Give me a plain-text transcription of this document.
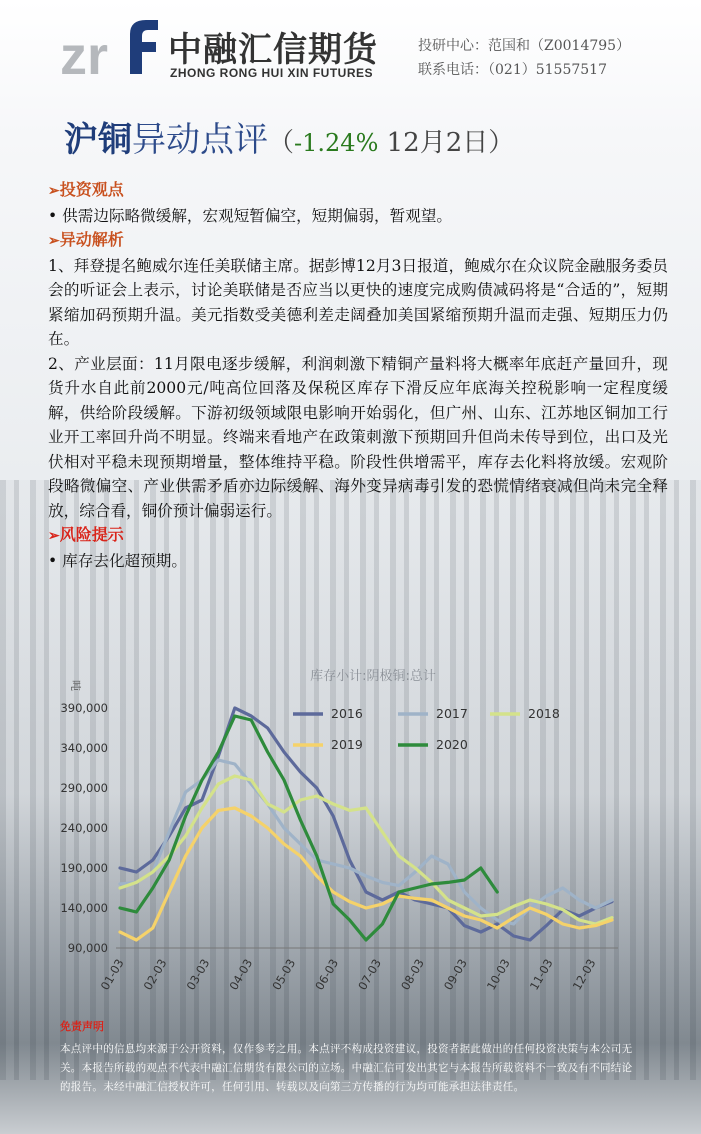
zr 中融汇信期货
ZHONG RONG HUI XIN FUTURES
投研中心：范国和（Z0014795）
联系电话：（021）51557517
沪铜异动点评（-1.24% 12月2日）
➢投资观点

• 供需边际略微缓解，宏观短暂偏空，短期偏弱，暂观望。

➢异动解析

1、拜登提名鲍威尔连任美联储主席。据彭博12月3日报道，鲍威尔在众议院金融服务委员会的听证会上表示，讨论美联储是否应当以更快的速度完成购债减码将是“合适的”，短期紧缩加码预期升温。美元指数受美德利差走阔叠加美国紧缩预期升温而走强、短期压力仍在。

2、产业层面：11月限电逐步缓解，利润刺激下精铜产量料将大概率年底赶产量回升，现货升水自此前2000元/吨高位回落及保税区库存下滑反应年底海关控税影响一定程度缓解，供给阶段缓解。下游初级领域限电影响开始弱化，但广州、山东、江苏地区铜加工行业开工率回升尚不明显。终端来看地产在政策刺激下预期回升但尚未传导到位，出口及光伏相对平稳未现预期增量，整体维持平稳。阶段性供增需平，库存去化料将放缓。宏观阶段略微偏空、产业供需矛盾亦边际缓解、海外变异病毒引发的恐慌情绪衰减但尚未完全释放，综合看，铜价预计偏弱运行。

➢风险提示

• 库存去化超预期。

库存小计:阴极铜:总计
吨
390,000
340,000
290,000
240,000
190,000
140,000
90,000
01-03 02-03 03-03 04-03 05-03 06-03 07-03 08-03 09-03 10-03 11-03 12-03
2016	2017	2018
2019	2020
免责声明
本点评中的信息均来源于公开资料，仅作参考之用。本点评不构成投资建议，投资者据此做出的任何投资决策与本公司无关。本报告所载的观点不代表中融汇信期货有限公司的立场。中融汇信可发出其它与本报告所载资料不一致及有不同结论的报告。未经中融汇信授权许可，任何引用、转载以及向第三方传播的行为均可能承担法律责任。
